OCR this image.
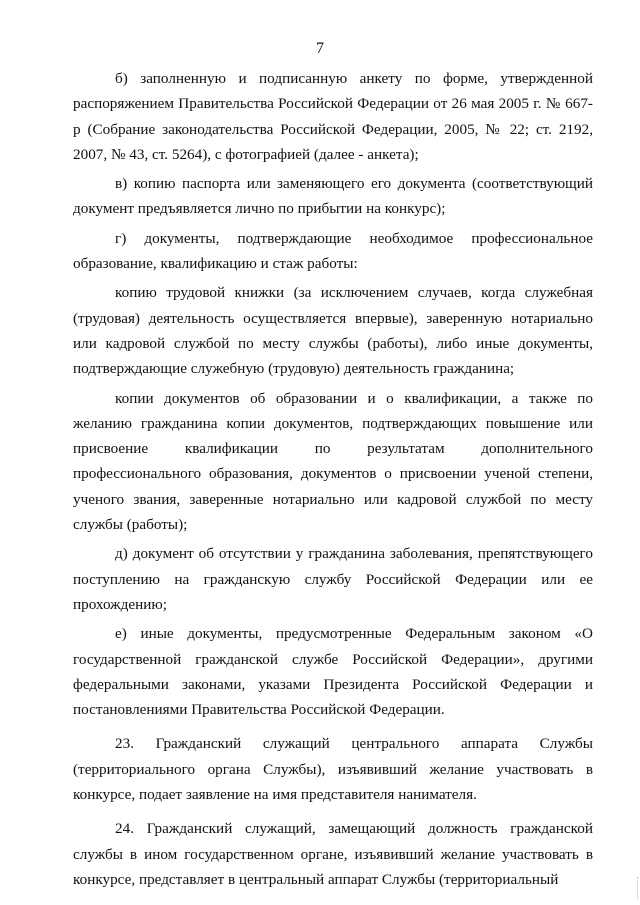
7

б) заполненную и подписанную анкету по форме, утвержденной распоряжением Правительства Российской Федерации от 26 мая 2005 г. № 667-р (Собрание законодательства Российской Федерации, 2005, № 22; ст. 2192, 2007, № 43, ст. 5264), с фотографией (далее - анкета);

в) копию паспорта или заменяющего его документа (соответствующий документ предъявляется лично по прибытии на конкурс);

г) документы, подтверждающие необходимое профессиональное образование, квалификацию и стаж работы:

копию трудовой книжки (за исключением случаев, когда служебная (трудовая) деятельность осуществляется впервые), заверенную нотариально или кадровой службой по месту службы (работы), либо иные документы, подтверждающие служебную (трудовую) деятельность гражданина;

копии документов об образовании и о квалификации, а также по желанию гражданина копии документов, подтверждающих повышение или присвоение квалификации по результатам дополнительного профессионального образования, документов о присвоении ученой степени, ученого звания, заверенные нотариально или кадровой службой по месту службы (работы);

д) документ об отсутствии у гражданина заболевания, препятствующего поступлению на гражданскую службу Российской Федерации или ее прохождению;

е) иные документы, предусмотренные Федеральным законом «О государственной гражданской службе Российской Федерации», другими федеральными законами, указами Президента Российской Федерации и постановлениями Правительства Российской Федерации.

23. Гражданский служащий центрального аппарата Службы (территориального органа Службы), изъявивший желание участвовать в конкурсе, подает заявление на имя представителя нанимателя.

24. Гражданский служащий, замещающий должность гражданской службы в ином государственном органе, изъявивший желание участвовать в конкурсе, представляет в центральный аппарат Службы (территориальный
